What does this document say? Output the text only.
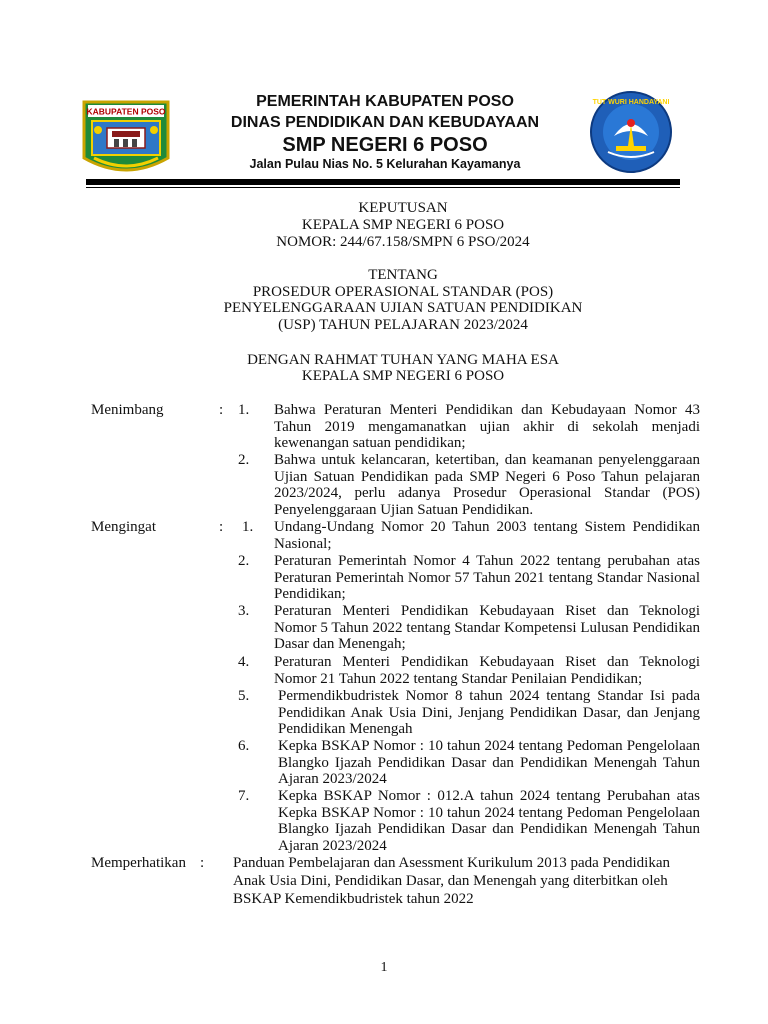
KABUPATEN POSO
TUT WURI HANDAYANI
PEMERINTAH KABUPATEN POSO
DINAS PENDIDIKAN DAN KEBUDAYAAN
SMP NEGERI 6 POSO
Jalan Pulau Nias No. 5 Kelurahan Kayamanya
KEPUTUSAN
KEPALA SMP NEGERI 6 POSO
NOMOR: 244/67.158/SMPN 6 PSO/2024
TENTANG
PROSEDUR OPERASIONAL STANDAR (POS)
PENYELENGGARAAN UJIAN SATUAN PENDIDIKAN
(USP) TAHUN PELAJARAN 2023/2024
DENGAN RAHMAT TUHAN YANG MAHA ESA
KEPALA SMP NEGERI 6 POSO
Menimbang	: 1. Bahwa Peraturan Menteri Pendidikan dan Kebudayaan Nomor 43 Tahun 2019 mengamanatkan ujian akhir di sekolah menjadi kewenangan satuan pendidikan;
2. Bahwa untuk kelancaran, ketertiban, dan keamanan penyelenggaraan Ujian Satuan Pendidikan pada SMP Negeri 6 Poso Tahun pelajaran 2023/2024, perlu adanya Prosedur Operasional Standar (POS) Penyelenggaraan Ujian Satuan Pendidikan.
Mengingat	: 1. Undang-Undang Nomor 20 Tahun 2003 tentang Sistem Pendidikan Nasional;
2. Peraturan Pemerintah Nomor 4 Tahun 2022 tentang perubahan atas Peraturan Pemerintah Nomor 57 Tahun 2021 tentang Standar Nasional Pendidikan;
3. Peraturan Menteri Pendidikan Kebudayaan Riset dan Teknologi Nomor 5 Tahun 2022 tentang Standar Kompetensi Lulusan Pendidikan Dasar dan Menengah;
4. Peraturan Menteri Pendidikan Kebudayaan Riset dan Teknologi Nomor 21 Tahun 2022 tentang Standar Penilaian Pendidikan;
5. Permendikbudristek Nomor 8 tahun 2024 tentang Standar Isi pada Pendidikan Anak Usia Dini, Jenjang Pendidikan Dasar, dan Jenjang Pendidikan Menengah
6. Kepka BSKAP Nomor : 10 tahun 2024 tentang Pedoman Pengelolaan Blangko Ijazah Pendidikan Dasar dan Pendidikan Menengah Tahun Ajaran 2023/2024
7. Kepka BSKAP Nomor : 012.A tahun 2024 tentang Perubahan atas Kepka BSKAP Nomor : 10 tahun 2024 tentang Pedoman Pengelolaan Blangko Ijazah Pendidikan Dasar dan Pendidikan Menengah Tahun Ajaran 2023/2024
Memperhatikan : Panduan Pembelajaran dan Asessment Kurikulum 2013 pada Pendidikan
Anak Usia Dini, Pendidikan Dasar, dan Menengah yang diterbitkan oleh
BSKAP Kemendikbudristek tahun 2022
1
